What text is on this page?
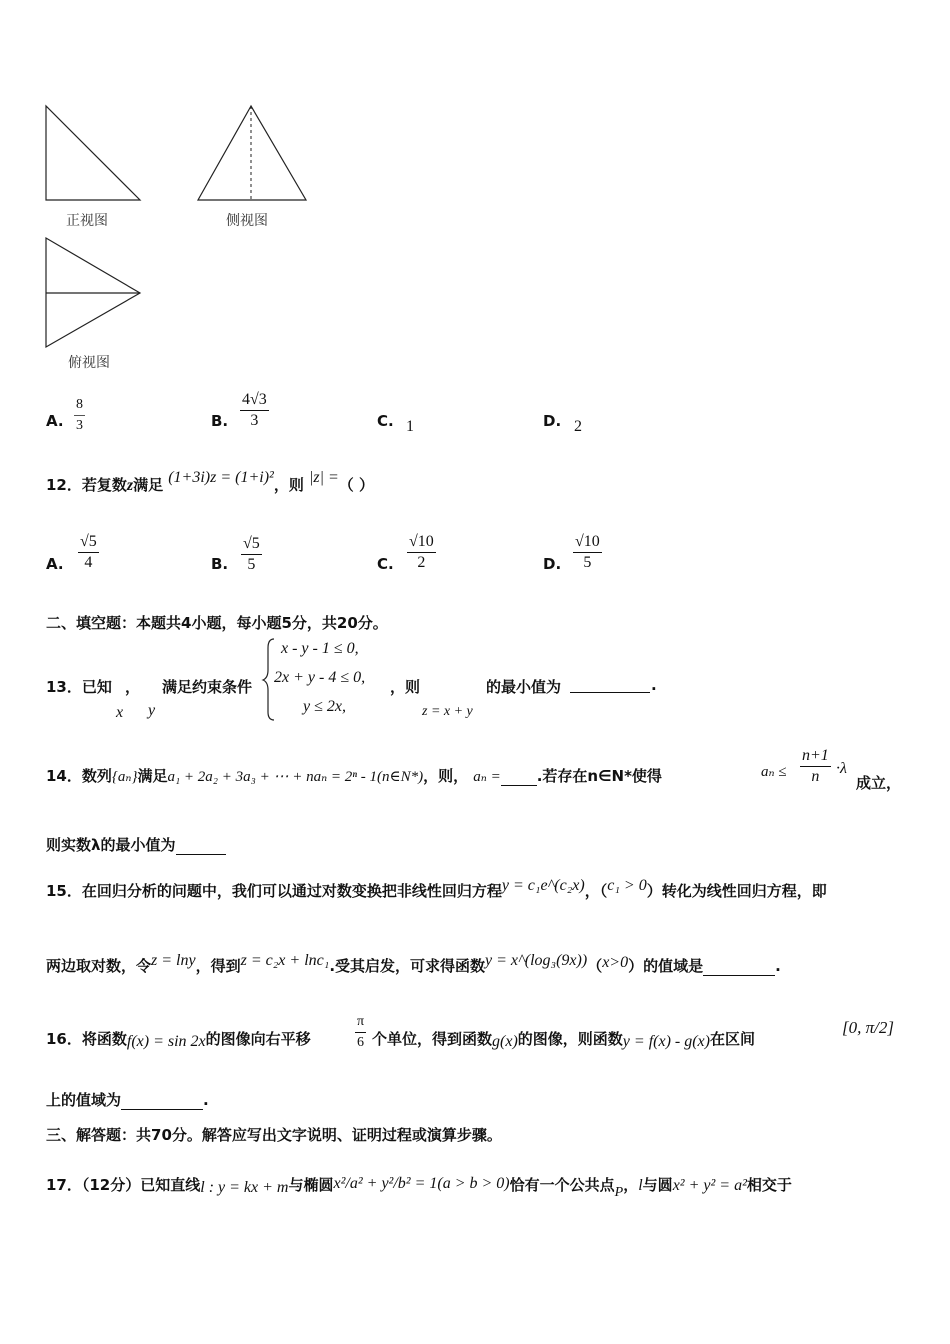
正视图	侧视图
俯视图
A. $\frac{8}{3}$	B. $\frac{4√3}{3}$	C. 1	D. 2
12．若复数z满足 (1+3i)z = (1+i)²，则 |z| =（ ）
A. $\frac{√5}{4}$	B. $\frac{√5}{5}$	C. $\frac{√10}{2}$	D. $\frac{√10}{5}$
二、填空题：本题共4小题，每小题5分，共20分。
13．已知 ， 满足约束条件
x y
x - y - 1 ≤ 0,
2x + y - 4 ≤ 0,
y ≤ 2x,
，则
z = x + y
的最小值为	.
14．数列{aₙ}满足a₁ + 2a₂ + 3a₃ + ⋯ + naₙ = 2ⁿ - 1(n∈N*)，则， aₙ = .若存在n∈N*使得	$a_n \le \frac{n+1}{n} \cdot\lambda$
成立，
则实数λ的最小值为
15．在回归分析的问题中，我们可以通过对数变换把非线性回归方程y = c₁e^(c₂x)，（c₁ > 0）转化为线性回归方程，即
两边取对数，令z = lny，得到z = c₂x + lnc₁.受其启发，可求得函数y = x^(log₃(9x))（x>0）的值域是	.
16．将函数f(x) = sin 2x的图像向右平移	$\frac{\pi}{6}$ 个单位，得到函数g(x)的图像，则函数y = f(x) - g(x)在区间
[0, π/2]
上的值域为	.
三、解答题：共70分。解答应写出文字说明、证明过程或演算步骤。
17．（12分）已知直线l : y = kx + m与椭圆x²/a² + y²/b² = 1(a > b > 0)恰有一个公共点P，l与圆x² + y² = a²相交于
